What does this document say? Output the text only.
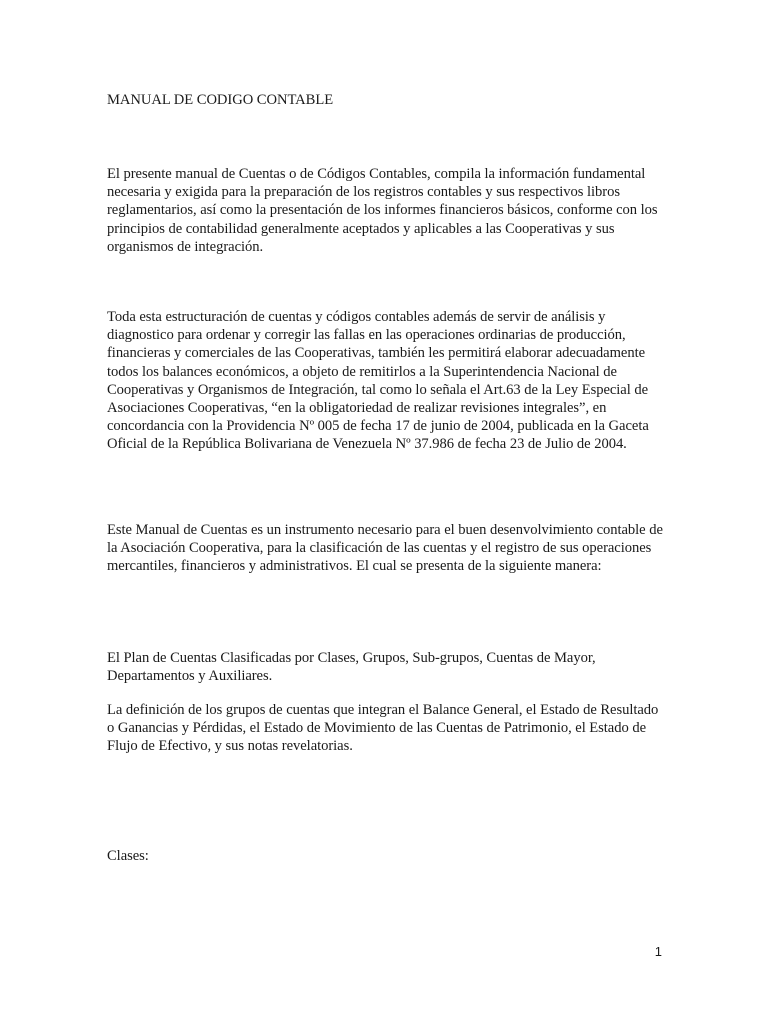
MANUAL DE CODIGO CONTABLE

El presente manual de Cuentas o de Códigos Contables, compila la información fundamental necesaria y exigida para la preparación de los registros contables y sus respectivos libros reglamentarios, así como la presentación de los informes financieros básicos, conforme con los principios de contabilidad generalmente aceptados y aplicables a las Cooperativas y sus organismos de integración.

Toda esta estructuración de cuentas y códigos contables además de servir de análisis y diagnostico para ordenar y corregir las fallas en las operaciones ordinarias de producción, financieras y comerciales de las Cooperativas, también les permitirá elaborar adecuadamente todos los balances económicos, a objeto de remitirlos a la Superintendencia Nacional de Cooperativas y Organismos de Integración, tal como lo señala el Art.63 de la Ley Especial de Asociaciones Cooperativas, “en la obligatoriedad de realizar revisiones integrales”, en concordancia con la Providencia Nº 005 de fecha 17 de junio de 2004, publicada en la Gaceta Oficial de la República Bolivariana de Venezuela Nº 37.986 de fecha 23 de Julio de 2004.

Este Manual de Cuentas es un instrumento necesario para el buen desenvolvimiento contable de la Asociación Cooperativa, para la clasificación de las cuentas y el registro de sus operaciones mercantiles, financieros y administrativos. El cual se presenta de la siguiente manera:

El Plan de Cuentas Clasificadas por Clases, Grupos, Sub-grupos, Cuentas de Mayor, Departamentos y Auxiliares.

La definición de los grupos de cuentas que integran el Balance General, el Estado de Resultado o Ganancias y Pérdidas, el Estado de Movimiento de las Cuentas de Patrimonio, el Estado de Flujo de Efectivo, y sus notas revelatorias.

Clases:

1
